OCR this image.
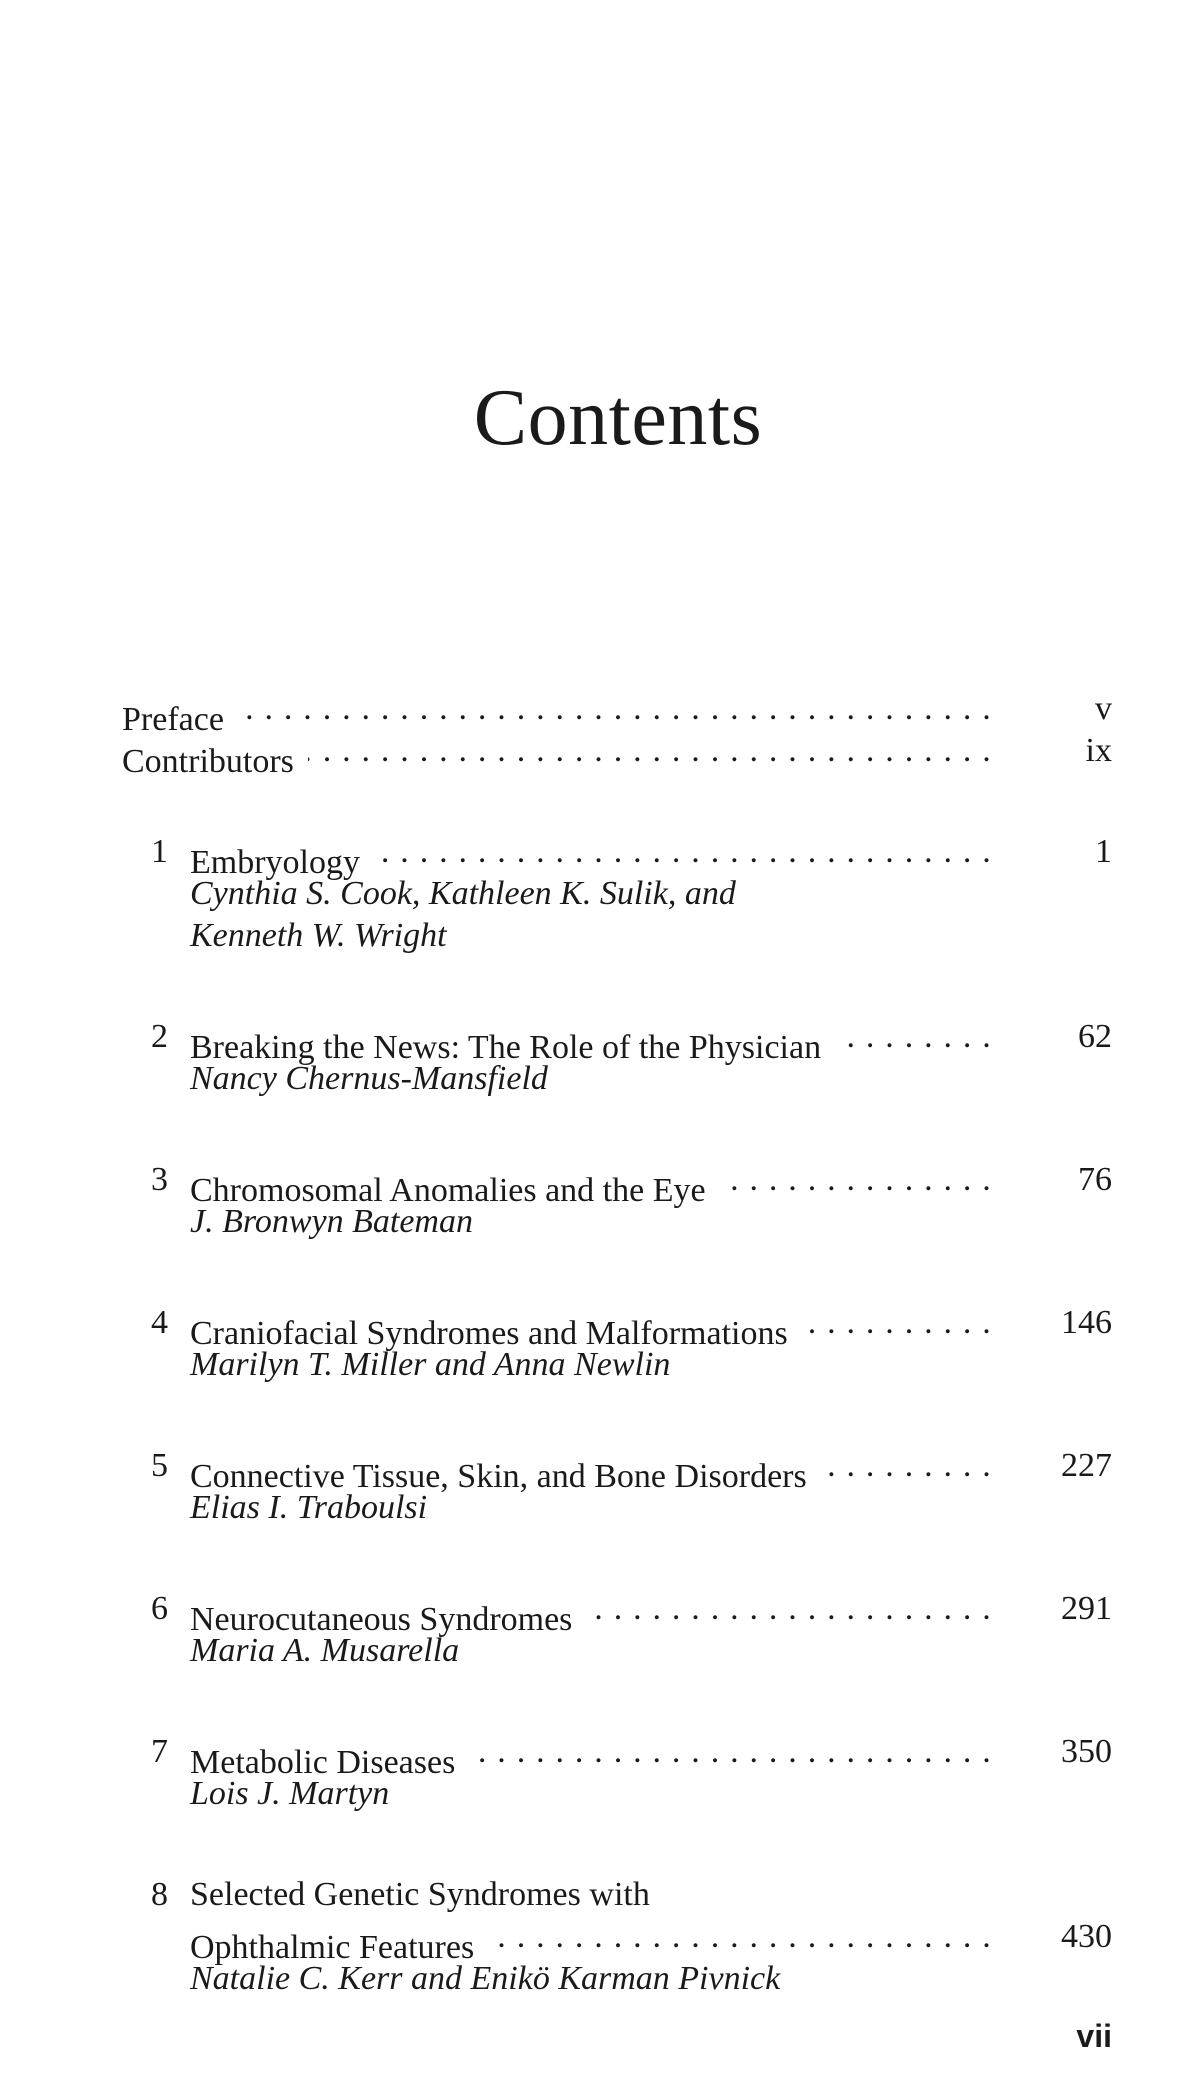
Contents
Preface . . .	v
Contributors . . .	ix
1 Embryology . . .	1
Cynthia S. Cook, Kathleen K. Sulik, and
Kenneth W. Wright
2 Breaking the News: The Role of the Physician . . .	62
Nancy Chernus-Mansfield
3 Chromosomal Anomalies and the Eye . . .	76
J. Bronwyn Bateman
4 Craniofacial Syndromes and Malformations . . .	146
Marilyn T. Miller and Anna Newlin
5 Connective Tissue, Skin, and Bone Disorders . . .	227
Elias I. Traboulsi
6 Neurocutaneous Syndromes . . .	291
Maria A. Musarella
7 Metabolic Diseases . . .	350
Lois J. Martyn
8 Selected Genetic Syndromes with
Ophthalmic Features . . .	430
Natalie C. Kerr and Enikö Karman Pivnick
vii
